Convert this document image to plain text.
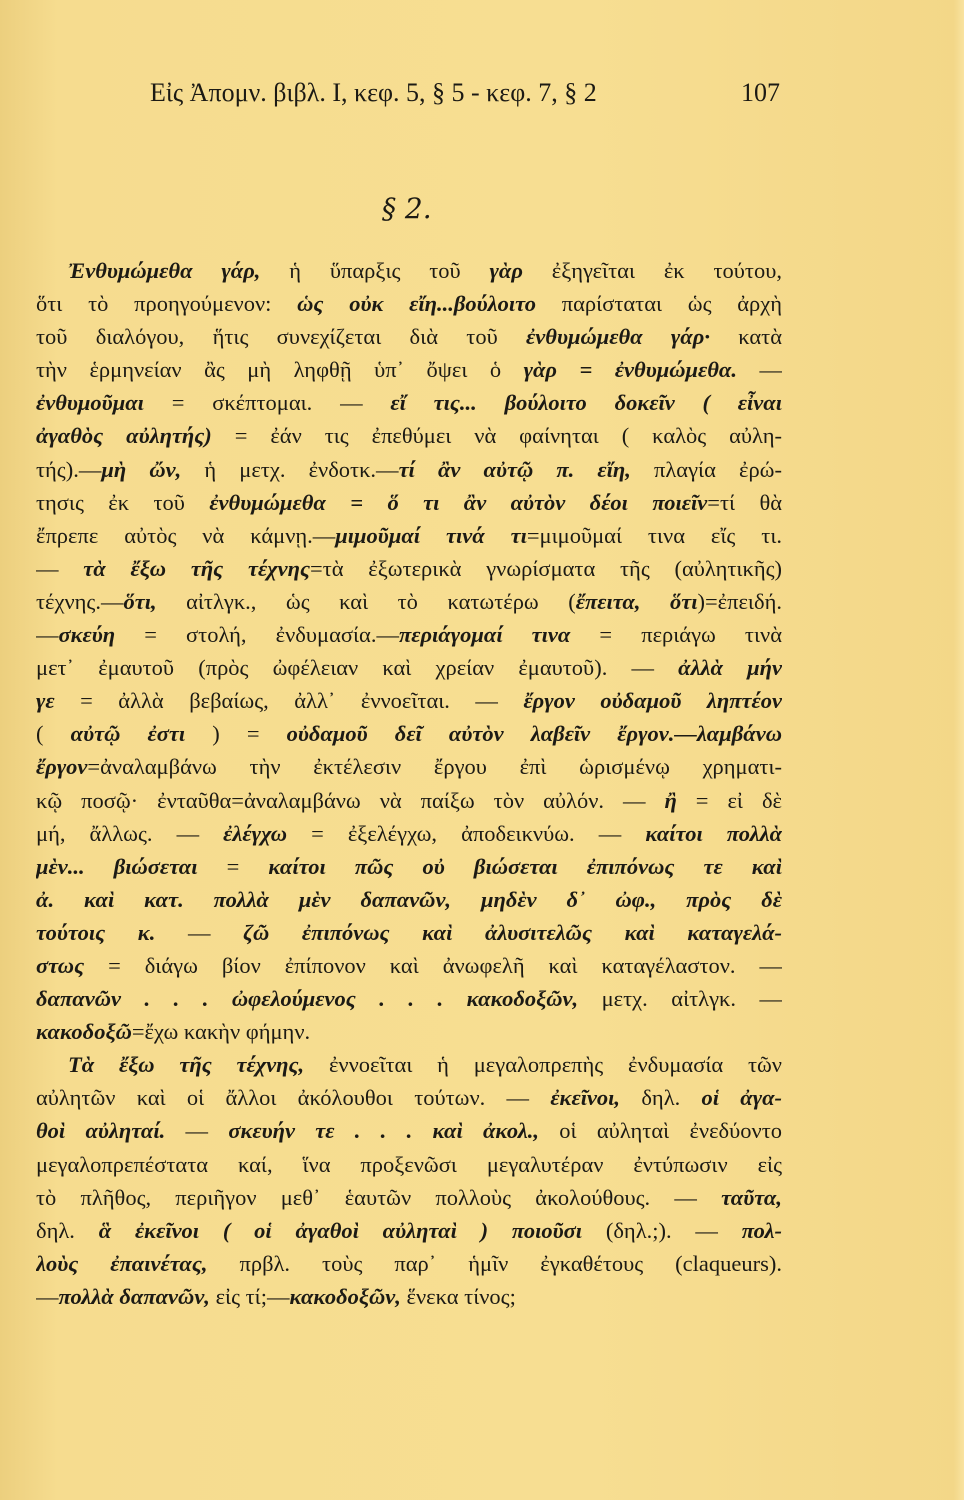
Εἰς Ἀπομν. βιβλ. I, κεφ. 5, § 5 - κεφ. 7, § 2	107
§ 2.

Ἐνθυμώμεθα γάρ, ἡ ὕπαρξις τοῦ γὰρ ἐξηγεῖται ἐκ τούτου,
ὅτι τὸ προηγούμενον: ὡς οὐκ εἴη...βούλοιτο παρίσταται ὡς ἀρχὴ
τοῦ διαλόγου, ἥτις συνεχίζεται διὰ τοῦ ἐνθυμώμεθα γάρ· κατὰ
τὴν ἑρμηνείαν ἂς μὴ ληφθῇ ὑπ᾽ ὄψει ὁ γὰρ = ἐνθυμώμεθα. —
ἐνθυμοῦμαι = σκέπτομαι. — εἴ τις... βούλοιτο δοκεῖν ( εἶναι
ἀγαθὸς αὐλητής) = ἐάν τις ἐπεθύμει νὰ φαίνηται ( καλὸς αὐλη-
τής).—μὴ ὤν, ἡ μετχ. ἐνδοτκ.—τί ἂν αὐτῷ π. εἴη, πλαγία ἐρώ-
τησις ἐκ τοῦ ἐνθυμώμεθα = ὅ τι ἂν αὐτὸν δέοι ποιεῖν=τί θὰ
ἔπρεπε αὐτὸς νὰ κάμνῃ.—μιμοῦμαί τινά τι=μιμοῦμαί τινα εἴς τι.
— τὰ ἔξω τῆς τέχνης=τὰ ἐξωτερικὰ γνωρίσματα τῆς (αὐλητικῆς)
τέχνης.—ὅτι, αἰτλγκ., ὡς καὶ τὸ κατωτέρω (ἔπειτα, ὅτι)=ἐπειδή.
—σκεύη = στολή, ἐνδυμασία.—περιάγομαί τινα = περιάγω τινὰ
μετ᾽ ἐμαυτοῦ (πρὸς ὠφέλειαν καὶ χρείαν ἐμαυτοῦ). — ἀλλὰ μήν
γε = ἀλλὰ βεβαίως, ἀλλ᾽ ἐννοεῖται. — ἔργον οὐδαμοῦ ληπτέον
( αὐτῷ ἐστι ) = οὐδαμοῦ δεῖ αὐτὸν λαβεῖν ἔργον.—λαμβάνω
ἔργον=ἀναλαμβάνω τὴν ἐκτέλεσιν ἔργου ἐπὶ ὡρισμένῳ χρηματι-
κῷ ποσῷ· ἐνταῦθα=ἀναλαμβάνω νὰ παίξω τὸν αὐλόν. — ἢ = εἰ δὲ
μή, ἄλλως. — ἐλέγχω = ἐξελέγχω, ἀποδεικνύω. — καίτοι πολλὰ
μὲν... βιώσεται = καίτοι πῶς οὐ βιώσεται ἐπιπόνως τε καὶ
ἀ. καὶ κατ. πολλὰ μὲν δαπανῶν, μηδὲν δ᾽ ὠφ., πρὸς δὲ
τούτοις κ. — ζῶ ἐπιπόνως καὶ ἀλυσιτελῶς καὶ καταγελά-
στως = διάγω βίον ἐπίπονον καὶ ἀνωφελῆ καὶ καταγέλαστον. —
δαπανῶν . . . ὠφελούμενος . . . κακοδοξῶν, μετχ. αἰτλγκ. —
κακοδοξῶ=ἔχω κακὴν φήμην.

Τὰ ἔξω τῆς τέχνης, ἐννοεῖται ἡ μεγαλοπρεπὴς ἐνδυμασία τῶν
αὐλητῶν καὶ οἱ ἄλλοι ἀκόλουθοι τούτων. — ἐκεῖνοι, δηλ. οἱ ἀγα-
θοὶ αὐληταί. — σκευήν τε . . . καὶ ἀκολ., οἱ αὐληταὶ ἐνεδύοντο
μεγαλοπρεπέστατα καί, ἵνα προξενῶσι μεγαλυτέραν ἐντύπωσιν εἰς
τὸ πλῆθος, περιῆγον μεθ᾽ ἑαυτῶν πολλοὺς ἀκολούθους. — ταῦτα,
δηλ. ἃ ἐκεῖνοι ( οἱ ἀγαθοὶ αὐληταὶ ) ποιοῦσι (δηλ.;). — πολ-
λοὺς ἐπαινέτας, πρβλ. τοὺς παρ᾽ ἡμῖν ἐγκαθέτους (claqueurs).
—πολλὰ δαπανῶν, εἰς τί;—κακοδοξῶν, ἕνεκα τίνος;
